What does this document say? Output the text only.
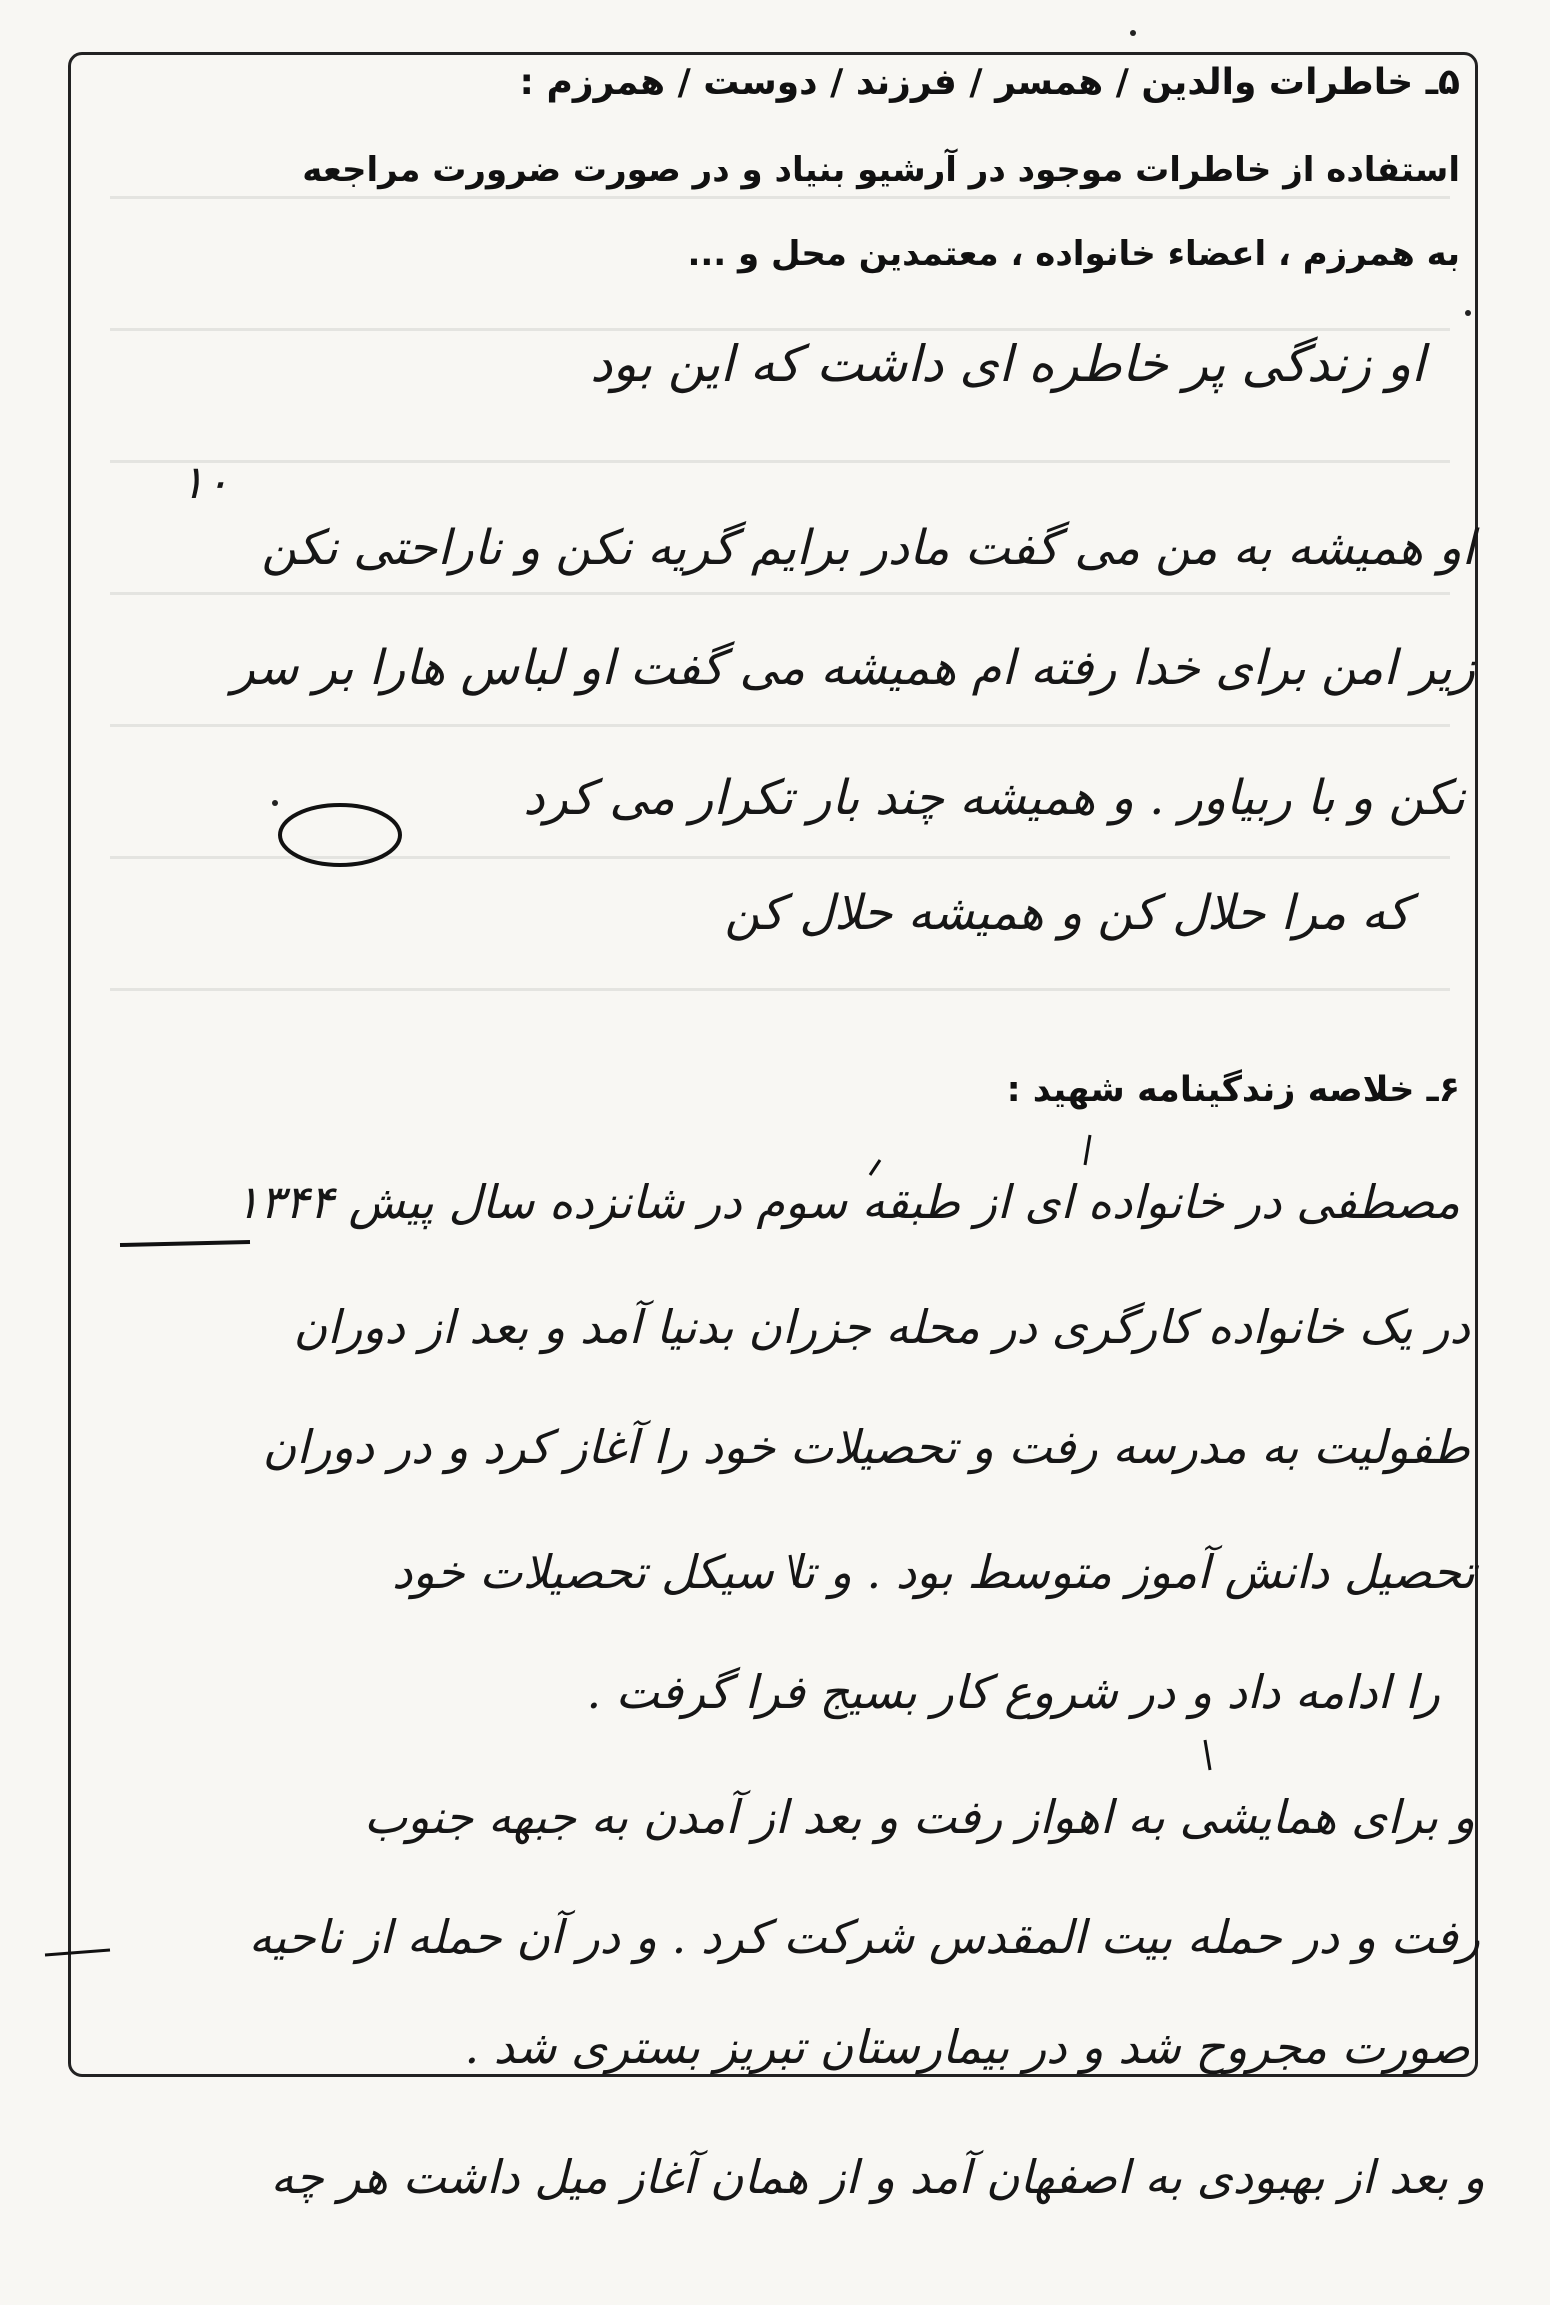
۵ـ خاطرات والدین / همسر / فرزند / دوست / همرزم :
استفاده از خاطرات موجود در آرشیو بنیاد و در صورت ضرورت مراجعه
به همرزم ، اعضاء خانواده ، معتمدین محل و ...
او زندگی پر خاطره ای داشت که این بود
۱۰
او همیشه به من می گفت مادر برایم گریه نکن و ناراحتی نکن
زیر امن برای خدا رفته ام همیشه می گفت او لباس هارا بر سر
نکن و با ربیاور . و همیشه چند بار تکرار می کرد
که مرا حلال کن و همیشه حلال کن
۶ـ خلاصه زندگینامه شهید :
مصطفی در خانواده ای از طبقه سوم در شانزده سال پیش ۱۳۴۴
در یک خانواده کارگری در محله جزران بدنیا آمد و بعد از دوران
طفولیت به مدرسه رفت و تحصیلات خود را آغاز کرد و در دوران
تحصیل دانش آموز متوسط بود . و تا سیکل تحصیلات خود
را ادامه داد و در شروع کار بسیج فرا گرفت .
و برای همایشی به اهواز رفت و بعد از آمدن به جبهه جنوب
رفت و در حمله بیت المقدس شرکت کرد . و در آن حمله از ناحیه
صورت مجروح شد و در بیمارستان تبریز بستری شد .
و بعد از بهبودی به اصفهان آمد و از همان آغاز میل داشت هر چه
